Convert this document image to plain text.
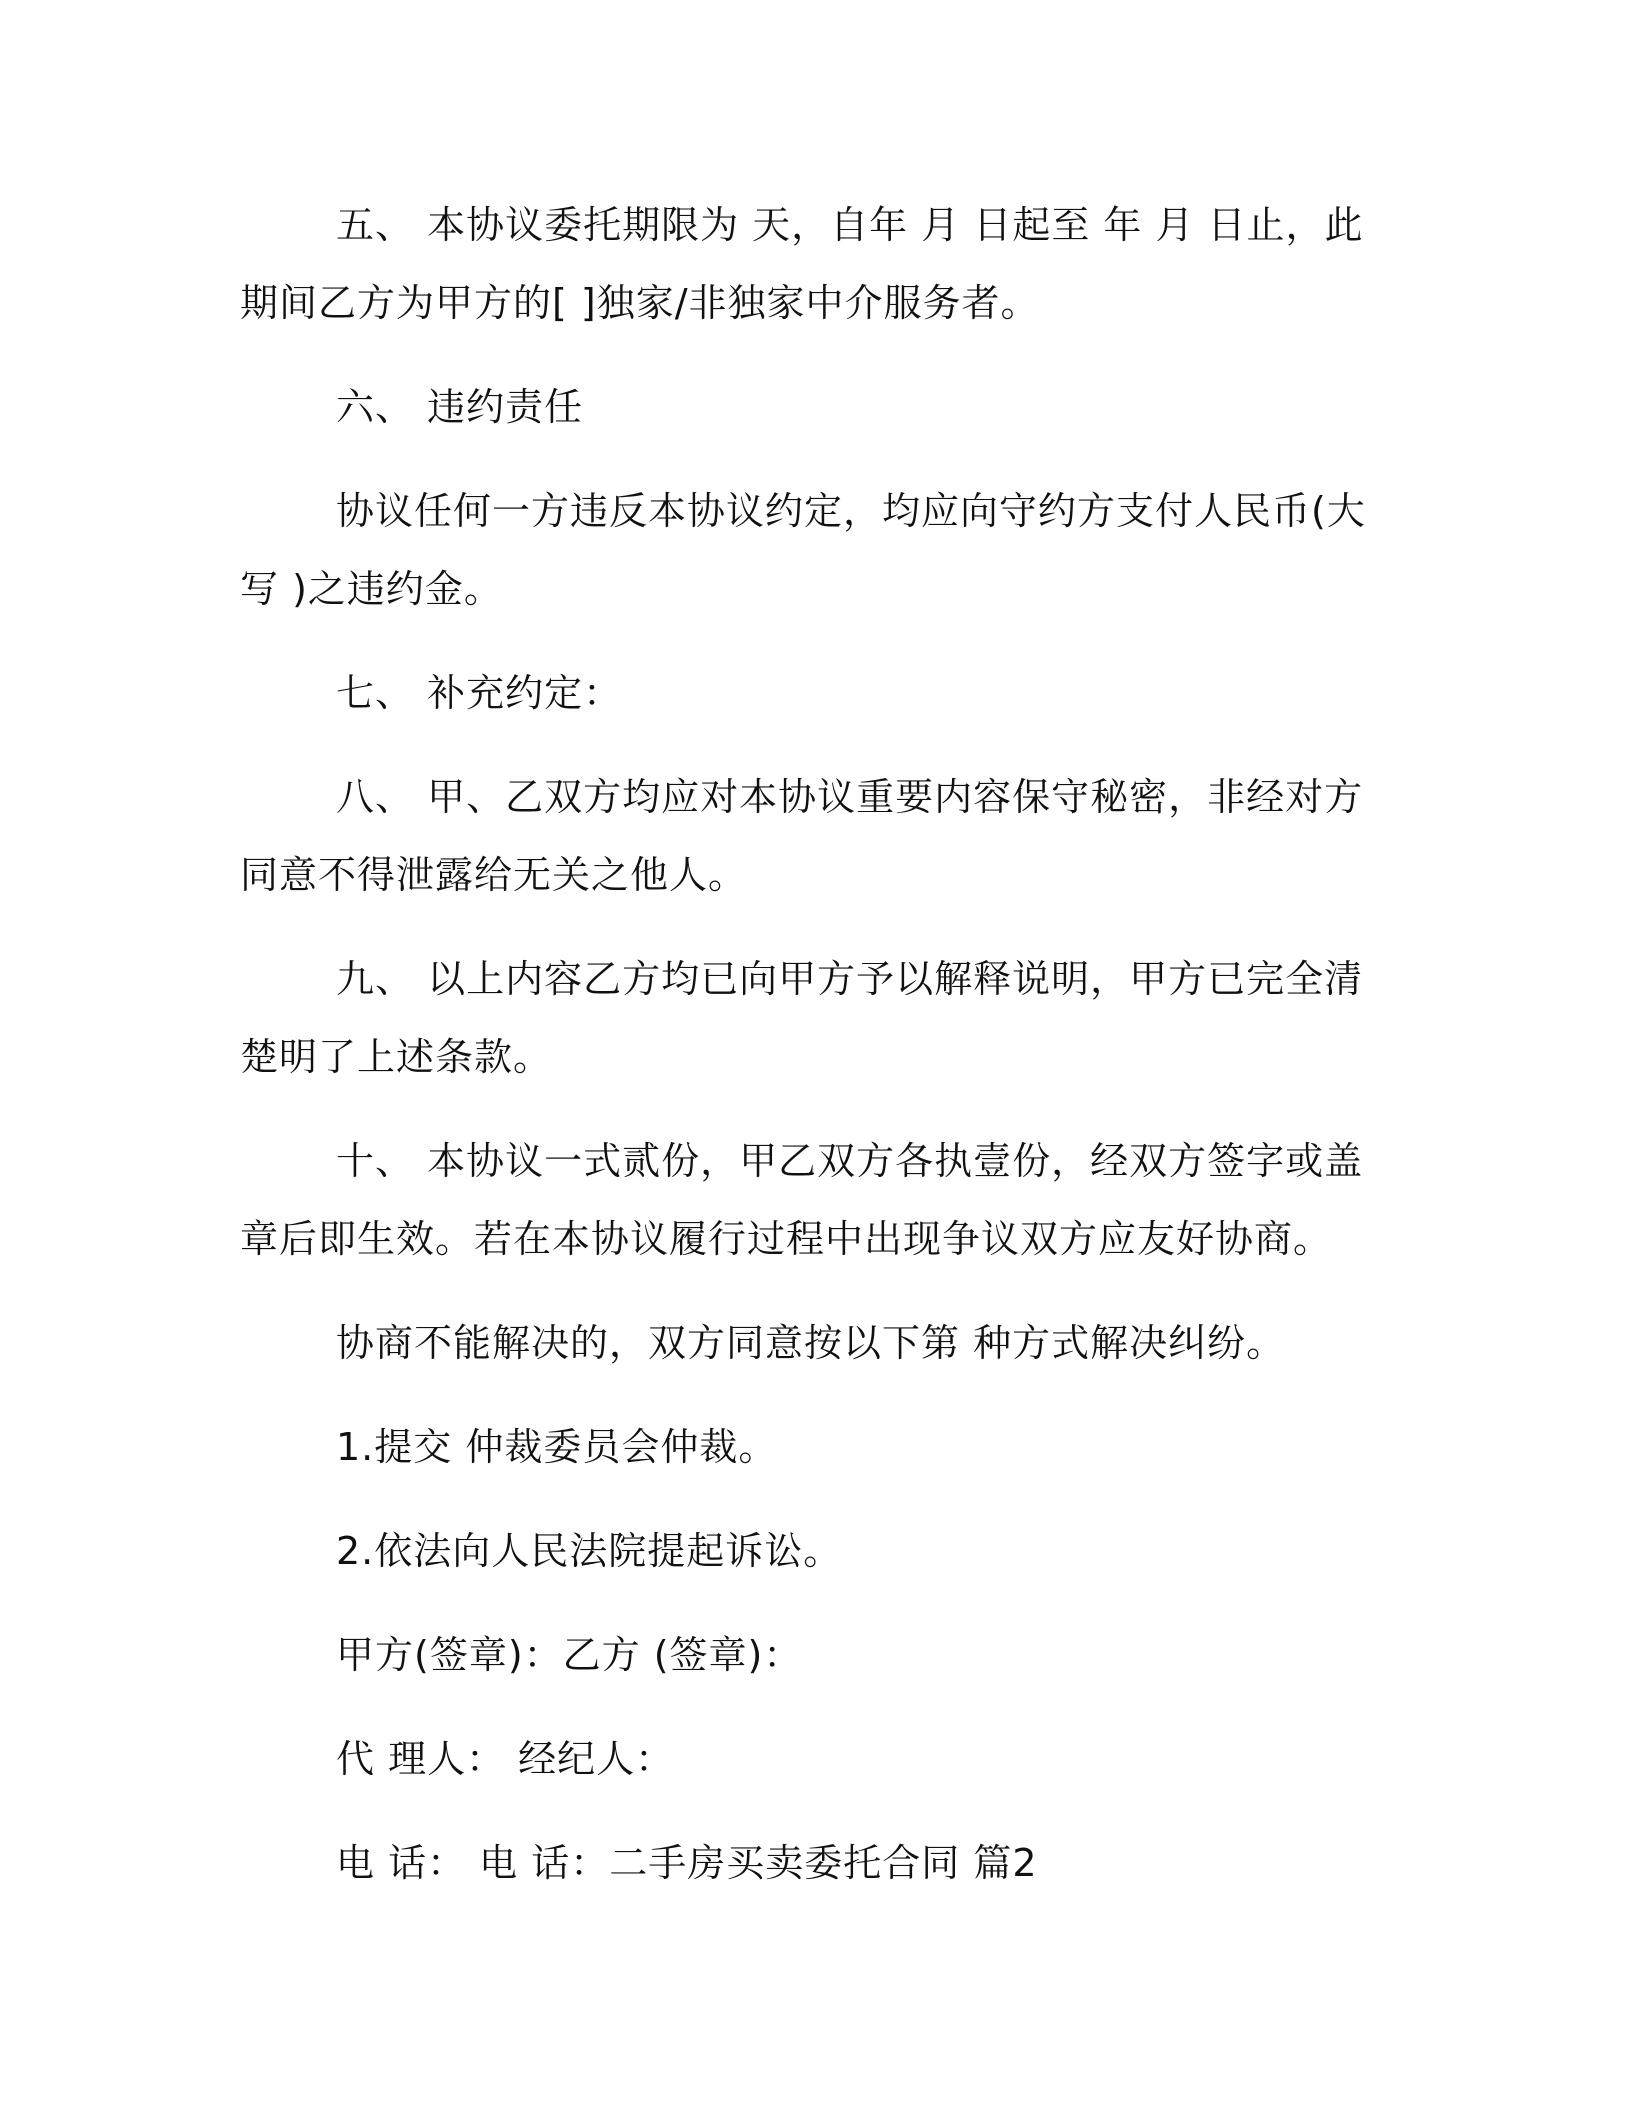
五、 本协议委托期限为 天，自年 月 日起至 年 月 日止，此期间乙方为甲方的[ ]独家/非独家中介服务者。

六、 违约责任

协议任何一方违反本协议约定，均应向守约方支付人民币(大写 )之违约金。

七、 补充约定：

八、 甲、乙双方均应对本协议重要内容保守秘密，非经对方同意不得泄露给无关之他人。

九、 以上内容乙方均已向甲方予以解释说明，甲方已完全清楚明了上述条款。

十、 本协议一式贰份，甲乙双方各执壹份，经双方签字或盖章后即生效。若在本协议履行过程中出现争议双方应友好协商。

协商不能解决的，双方同意按以下第 种方式解决纠纷。

1.提交 仲裁委员会仲裁。

2.依法向人民法院提起诉讼。

甲方(签章)：乙方 (签章)：

代 理人： 经纪人：

电 话： 电 话：二手房买卖委托合同 篇2
